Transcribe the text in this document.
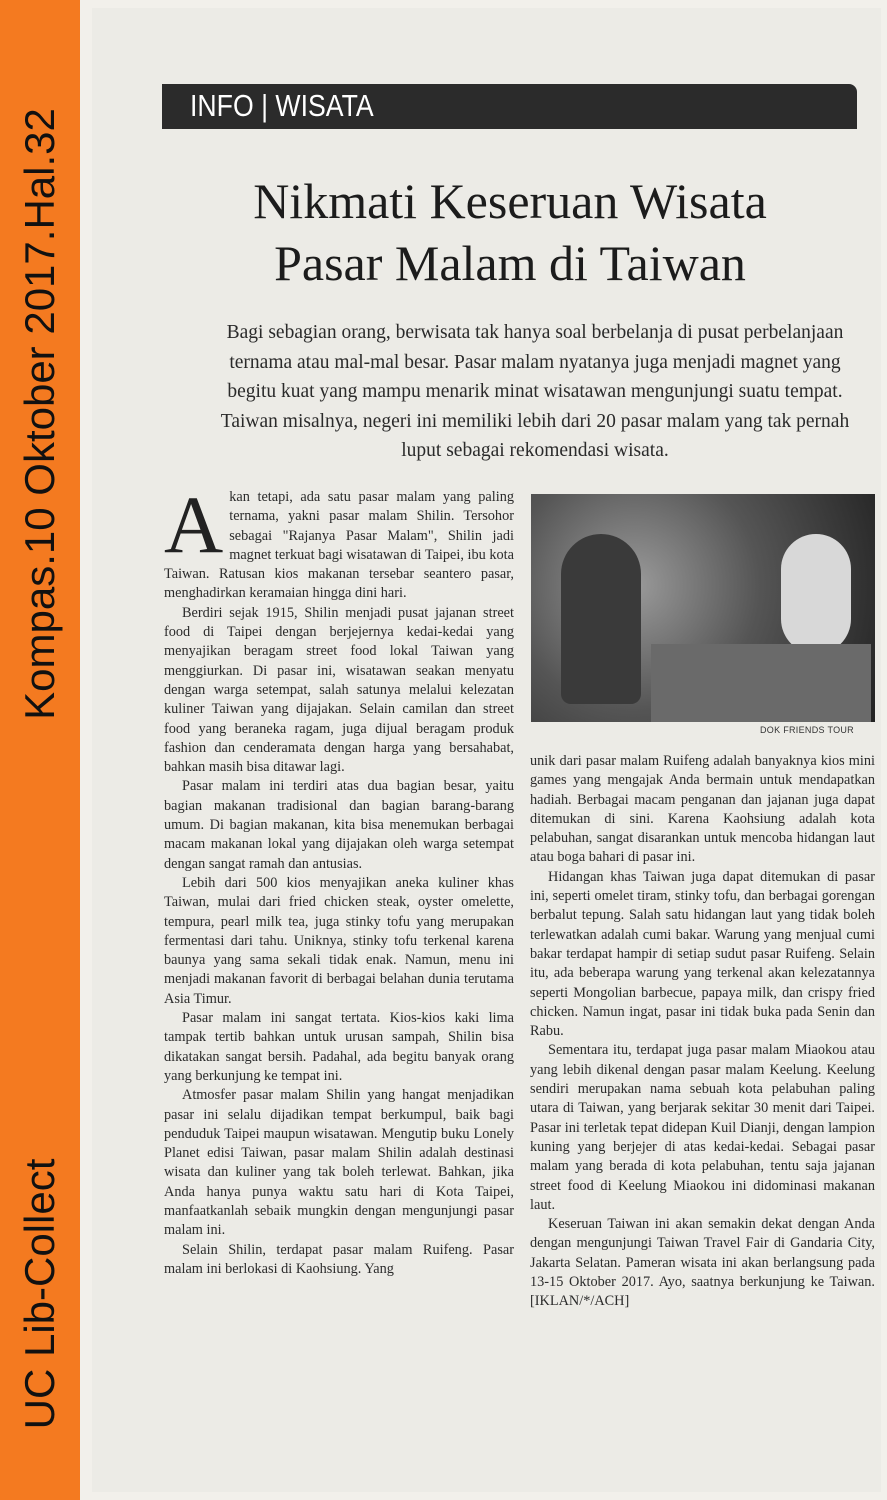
Kompas.10 Oktober 2017.Hal.32
UC Lib-Collect
INFO | WISATA
Nikmati Keseruan Wisata
Pasar Malam di Taiwan

Bagi sebagian orang, berwisata tak hanya soal berbelanja di pusat perbelanjaan ternama atau mal-mal besar. Pasar malam nyatanya juga menjadi magnet yang begitu kuat yang mampu menarik minat wisatawan mengunjungi suatu tempat. Taiwan misalnya, negeri ini memiliki lebih dari 20 pasar malam yang tak pernah luput sebagai rekomendasi wisata.

DOK FRIENDS TOUR
A kan tetapi, ada satu pasar malam yang paling ternama, yakni pasar malam Shilin. Tersohor sebagai "Rajanya Pasar Malam", Shilin jadi magnet terkuat bagi wisatawan di Taipei, ibu kota Taiwan. Ratusan kios makanan tersebar seantero pasar, menghadirkan keramaian hingga dini hari.

Berdiri sejak 1915, Shilin menjadi pusat jajanan street food di Taipei dengan berjejernya kedai-kedai yang menyajikan beragam street food lokal Taiwan yang menggiurkan. Di pasar ini, wisatawan seakan menyatu dengan warga setempat, salah satunya melalui kelezatan kuliner Taiwan yang dijajakan. Selain camilan dan street food yang beraneka ragam, juga dijual beragam produk fashion dan cenderamata dengan harga yang bersahabat, bahkan masih bisa ditawar lagi.

Pasar malam ini terdiri atas dua bagian besar, yaitu bagian makanan tradisional dan bagian barang-barang umum. Di bagian makanan, kita bisa menemukan berbagai macam makanan lokal yang dijajakan oleh warga setempat dengan sangat ramah dan antusias.

Lebih dari 500 kios menyajikan aneka kuliner khas Taiwan, mulai dari fried chicken steak, oyster omelette, tempura, pearl milk tea, juga stinky tofu yang merupakan fermentasi dari tahu. Uniknya, stinky tofu terkenal karena baunya yang sama sekali tidak enak. Namun, menu ini menjadi makanan favorit di berbagai belahan dunia terutama Asia Timur.

Pasar malam ini sangat tertata. Kios-kios kaki lima tampak tertib bahkan untuk urusan sampah, Shilin bisa dikatakan sangat bersih. Padahal, ada begitu banyak orang yang berkunjung ke tempat ini.

Atmosfer pasar malam Shilin yang hangat menjadikan pasar ini selalu dijadikan tempat berkumpul, baik bagi penduduk Taipei maupun wisatawan. Mengutip buku Lonely Planet edisi Taiwan, pasar malam Shilin adalah destinasi wisata dan kuliner yang tak boleh terlewat. Bahkan, jika Anda hanya punya waktu satu hari di Kota Taipei, manfaatkanlah sebaik mungkin dengan mengunjungi pasar malam ini.

Selain Shilin, terdapat pasar malam Ruifeng. Pasar malam ini berlokasi di Kaohsiung. Yang

unik dari pasar malam Ruifeng adalah banyaknya kios mini games yang mengajak Anda bermain untuk mendapatkan hadiah. Berbagai macam penganan dan jajanan juga dapat ditemukan di sini. Karena Kaohsiung adalah kota pelabuhan, sangat disarankan untuk mencoba hidangan laut atau boga bahari di pasar ini.

Hidangan khas Taiwan juga dapat ditemukan di pasar ini, seperti omelet tiram, stinky tofu, dan berbagai gorengan berbalut tepung. Salah satu hidangan laut yang tidak boleh terlewatkan adalah cumi bakar. Warung yang menjual cumi bakar terdapat hampir di setiap sudut pasar Ruifeng. Selain itu, ada beberapa warung yang terkenal akan kelezatannya seperti Mongolian barbecue, papaya milk, dan crispy fried chicken. Namun ingat, pasar ini tidak buka pada Senin dan Rabu.

Sementara itu, terdapat juga pasar malam Miaokou atau yang lebih dikenal dengan pasar malam Keelung. Keelung sendiri merupakan nama sebuah kota pelabuhan paling utara di Taiwan, yang berjarak sekitar 30 menit dari Taipei. Pasar ini terletak tepat didepan Kuil Dianji, dengan lampion kuning yang berjejer di atas kedai-kedai. Sebagai pasar malam yang berada di kota pelabuhan, tentu saja jajanan street food di Keelung Miaokou ini didominasi makanan laut.

Keseruan Taiwan ini akan semakin dekat dengan Anda dengan mengunjungi Taiwan Travel Fair di Gandaria City, Jakarta Selatan. Pameran wisata ini akan berlangsung pada 13-15 Oktober 2017. Ayo, saatnya berkunjung ke Taiwan. [IKLAN/*/ACH]
